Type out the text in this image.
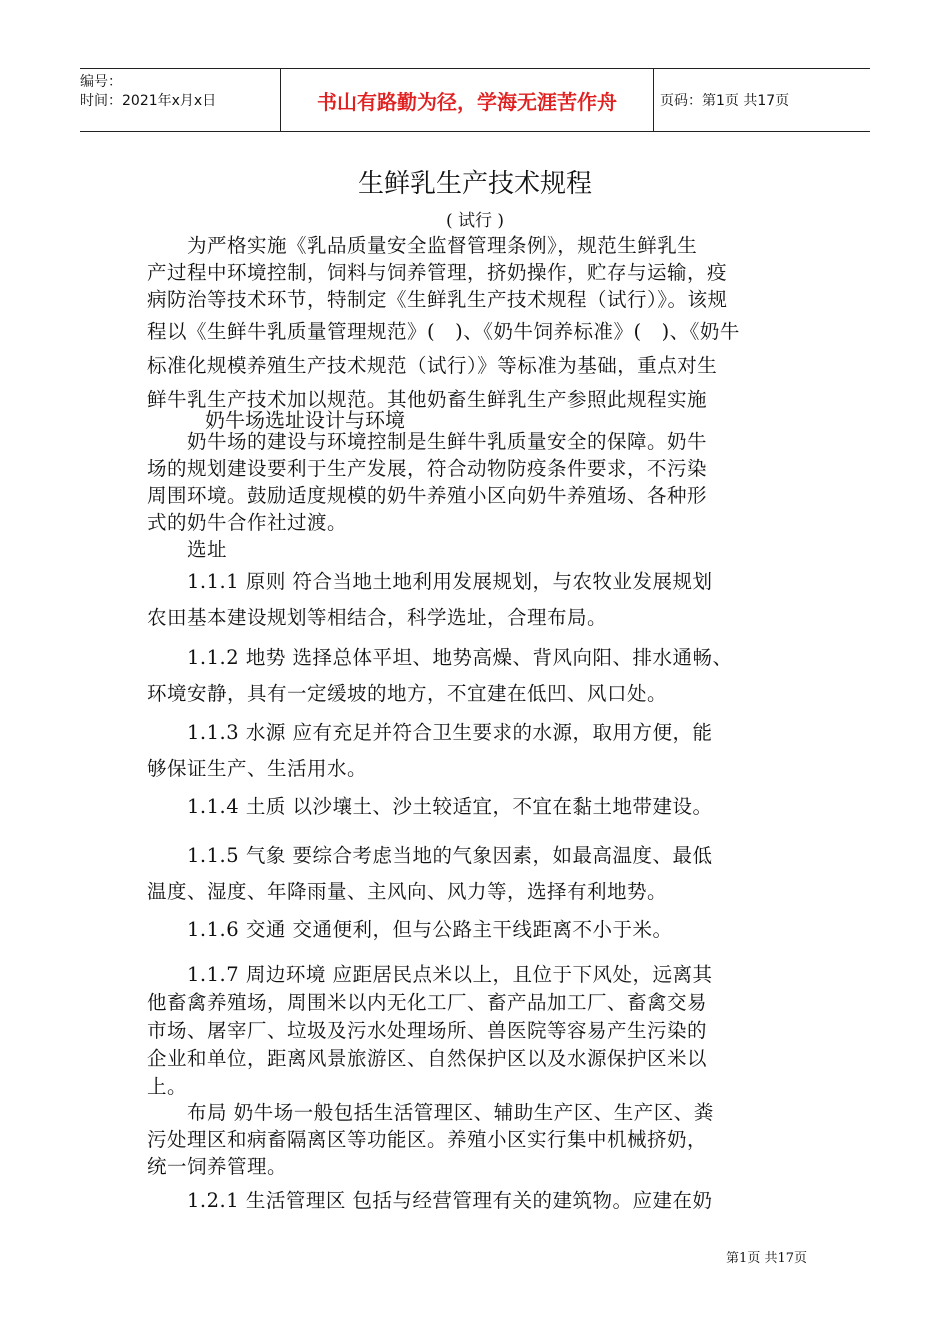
编号：
时间：2021年x月x日	书山有路勤为径，学海无涯苦作舟	页码：第1页 共17页
生鲜乳生产技术规程
( 试行 )
奶牛场选址设计与环境
　　为严格实施《乳品质量安全监督管理条例》，规范生鲜乳生
产过程中环境控制，饲料与饲养管理，挤奶操作，贮存与运输，疫
病防治等技术环节，特制定《生鲜乳生产技术规程（试行）》。该规
程以《生鲜牛乳质量管理规范》(　)、《奶牛饲养标准》(　)、《奶牛
标准化规模养殖生产技术规范（试行）》等标准为基础，重点对生
鲜牛乳生产技术加以规范。其他奶畜生鲜乳生产参照此规程实施
　　奶牛场的建设与环境控制是生鲜牛乳质量安全的保障。奶牛
场的规划建设要利于生产发展，符合动物防疫条件要求，不污染
周围环境。鼓励适度规模的奶牛养殖小区向奶牛养殖场、各种形
式的奶牛合作社过渡。
　　选址
　　1.1.1 原则 符合当地土地利用发展规划，与农牧业发展规划
农田基本建设规划等相结合，科学选址，合理布局。
　　1.1.2 地势 选择总体平坦、地势高燥、背风向阳、排水通畅、
环境安静，具有一定缓坡的地方，不宜建在低凹、风口处。
　　1.1.3 水源 应有充足并符合卫生要求的水源，取用方便，能
够保证生产、生活用水。
　　1.1.4 土质 以沙壤土、沙土较适宜，不宜在黏土地带建设。
　　1.1.5 气象 要综合考虑当地的气象因素，如最高温度、最低
温度、湿度、年降雨量、主风向、风力等，选择有利地势。
　　1.1.6 交通 交通便利，但与公路主干线距离不小于米。
　　1.1.7 周边环境 应距居民点米以上，且位于下风处，远离其
他畜禽养殖场，周围米以内无化工厂、畜产品加工厂、畜禽交易
市场、屠宰厂、垃圾及污水处理场所、兽医院等容易产生污染的
企业和单位，距离风景旅游区、自然保护区以及水源保护区米以
上。
　　布局 奶牛场一般包括生活管理区、辅助生产区、生产区、粪
污处理区和病畜隔离区等功能区。养殖小区实行集中机械挤奶，
统一饲养管理。
　　1.2.1 生活管理区 包括与经营管理有关的建筑物。应建在奶
第1页 共17页
